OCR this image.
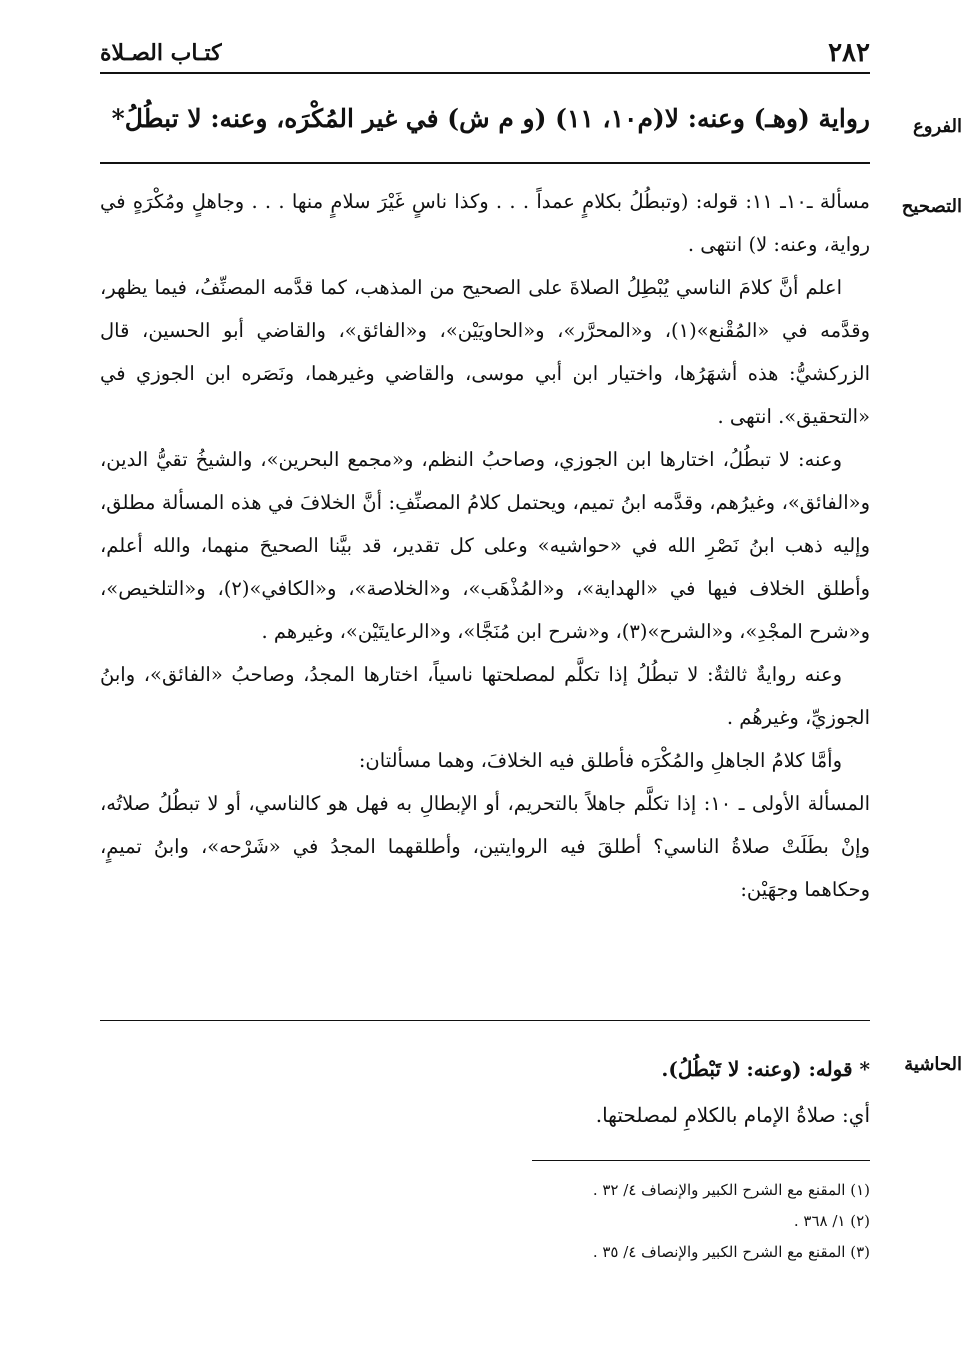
٢٨٢
كتـاب الصـلاة
الفروع
رواية (وهـ) وعنه: لا(م١٠، ١١) (و م ش) في غير المُكْرَه، وعنه: لا تبطُلُ*
التصحيح

مسألة ـ١٠ـ ١١: قوله: (وتبطُلُ بكلامٍ عمداً . . . وكذا ناسٍ غَيْرَ سلامٍ منها . . . وجاهلٍ ومُكْرَهٍ في رواية، وعنه: لا) انتهى .

اعلم أنَّ كلامَ الناسي يُبْطِلُ الصلاةَ على الصحيح من المذهب، كما قدَّمه المصنِّفُ، فيما يظهر، وقدَّمه في «المُقْنع»(١)، و«المحرَّر»، و«الحاويَيْن»، و«الفائق»، والقاضي أبو الحسين، قال الزركشيُّ: هذه أشهَرُها، واختيار ابن أبي موسى، والقاضي وغيرهما، ونَصَره ابن الجوزي في «التحقيق». انتهى .

وعنه: لا تبطُلُ، اختارها ابن الجوزي، وصاحبُ النظم، و«مجمع البحرين»، والشيخُ تقيُّ الدين، و«الفائق»، وغيرُهم، وقدَّمه ابنُ تميم، ويحتمل كلامُ المصنِّفِ: أنَّ الخلافَ في هذه المسألة مطلق، وإليه ذهب ابنُ نَصْرِ الله في «حواشيه» وعلى كل تقدير، قد بيَّنا الصحيحَ منهما، والله أعلم، وأطلق الخلاف فيها في «الهداية»، و«المُذْهَب»، و«الخلاصة»، و«الكافي»(٢)، و«التلخيص»، و«شرح المجْدِ»، و«الشرح»(٣)، و«شرح ابن مُنَجَّا»، و«الرعايتَيْن»، وغيرهم .

وعنه روايةٌ ثالثةٌ: لا تبطُلُ إذا تكلَّم لمصلحتها ناسياً، اختارها المجدُ، وصاحبُ «الفائق»، وابنُ الجوزيِّ، وغيرهُم .

وأمَّا كلامُ الجاهلِ والمُكْرَه فأطلق فيه الخلافَ، وهما مسألتان:

المسألة الأولى ـ ١٠: إذا تكلَّم جاهلاً بالتحريم، أو الإبطالِ به فهل هو كالناسي، أو لا تبطُلُ صلاتُه، وإنْ بطَلَتْ صلاةُ الناسي؟ أطلقَ فيه الروايتين، وأطلقهما المجدُ في «شَرْحه»، وابنُ تميمٍ، وحكاهما وجهَيْن:

الحاشية
* قوله: (وعنه: لا تَبْطُلُ).
أي: صلاةُ الإمام بالكلامِ لمصلحتها.
(١) المقنع مع الشرح الكبير والإنصاف ٤/ ٣٢ .
(٢) ١/ ٣٦٨ .
(٣) المقنع مع الشرح الكبير والإنصاف ٤/ ٣٥ .
